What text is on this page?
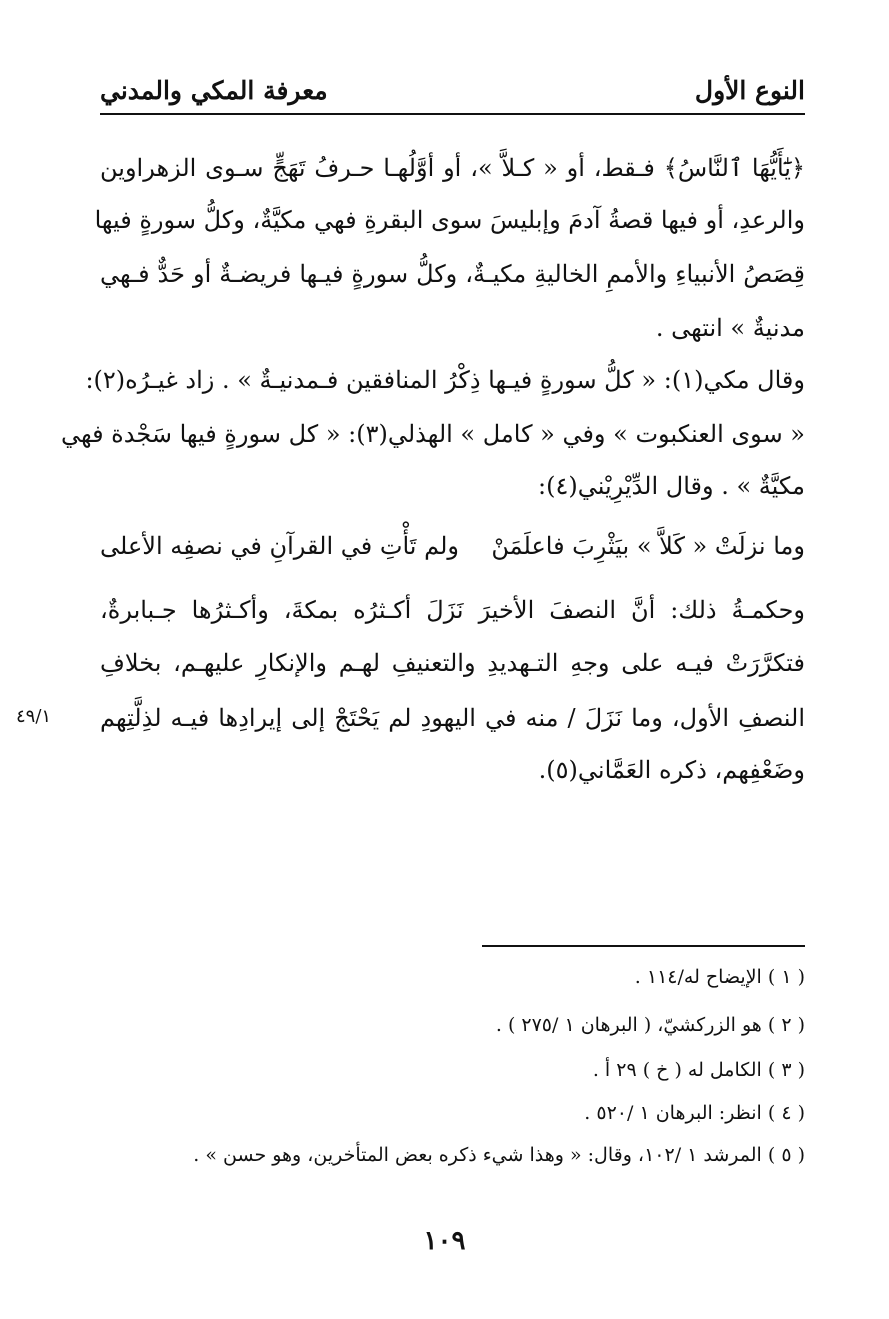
النوع الأول
معرفة المكي والمدني
﴿يَٰٓأَيُّهَا ٱلنَّاسُ﴾ فـقط، أو « كـلاَّ »، أو أوَّلُهـا حـرفُ تَهَجٍّ سـوى الزهراوين
والرعدِ، أو فيها قصةُ آدمَ وإبليسَ سوى البقرةِ فهي مكيَّةٌ، وكلُّ سورةٍ فيها
قِصَصُ الأنبياءِ والأممِ الخاليةِ مكيـةٌ، وكلُّ سورةٍ فيـها فريضـةٌ أو حَدٌّ فـهي
مدنيةٌ » انتهى .
وقال مكي(١): « كلُّ سورةٍ فيـها ذِكْرُ المنافقين فـمدنيـةٌ » . زاد غيـرُه(٢):
« سوى العنكبوت » وفي « كامل » الهذلي(٣): « كل سورةٍ فيها سَجْدة فهي
مكيَّةٌ » . وقال الدِّيْرِيْني(٤):
وما نزلَتْ « كَلاَّ » بيَثْرِبَ فاعلَمَنْ
ولم تَأْتِ في القرآنِ في نصفِه الأعلى
وحكمـةُ ذلك: أنَّ النصفَ الأخيرَ نَزَلَ أكـثرُه بمكةَ، وأكـثرُها جـبابرةٌ،
فتكرَّرَتْ فيـه على وجهِ التـهديدِ والتعنيفِ لهـم والإنكارِ عليهـم، بخلافِ
النصفِ الأول، وما نَزَلَ / منه في اليهودِ لم يَحْتَجْ إلى إيرادِها فيـه لذِلَّتِهم
وضَعْفِهم، ذكره العَمَّاني(٥).
٤٩/١
( ١ ) الإيضاح له/١١٤ .
( ٢ ) هو الزركشيّ، ( البرهان ١ /٢٧٥ ) .
( ٣ ) الكامل له ( خ ) ٢٩ أ .
( ٤ ) انظر: البرهان ١ /٥٢٠ .
( ٥ ) المرشد ١ /١٠٢، وقال: « وهذا شيء ذكره بعض المتأخرين، وهو حسن » .
١٠٩
